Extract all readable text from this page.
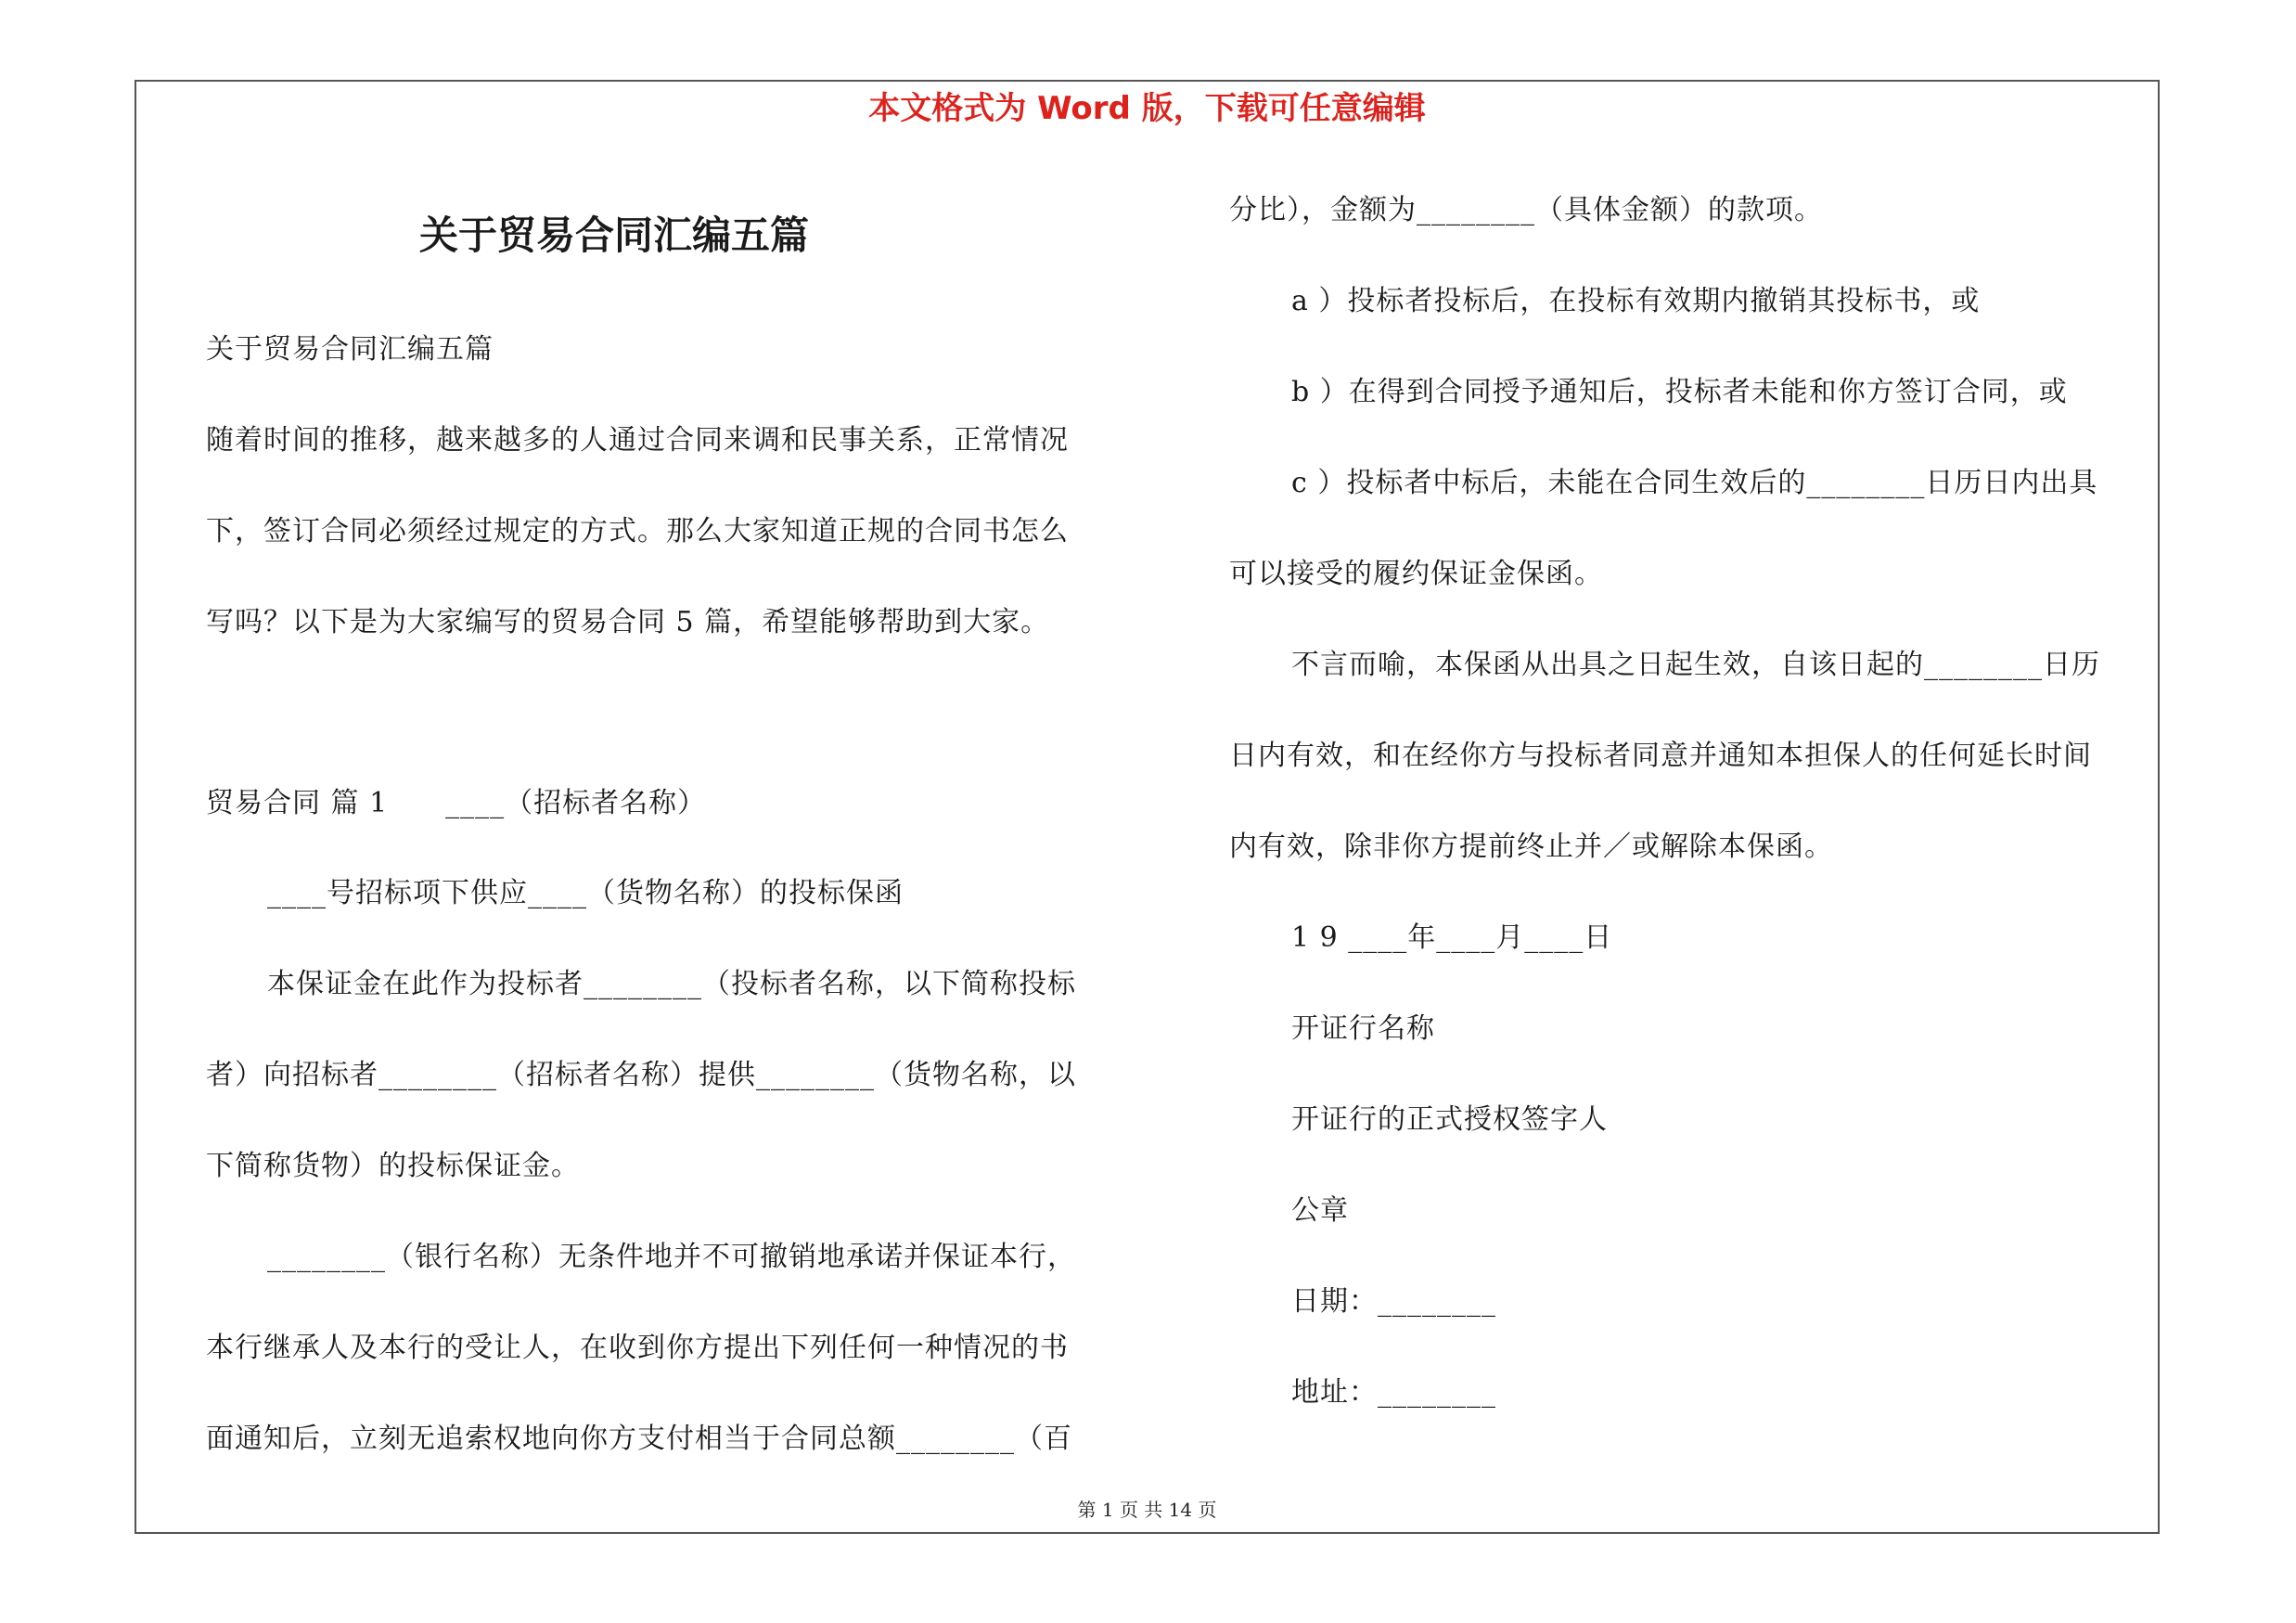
本文格式为 Word 版，下载可任意编辑

关于贸易合同汇编五篇

关于贸易合同汇编五篇

随着时间的推移，越来越多的人通过合同来调和民事关系，正常情况

下，签订合同必须经过规定的方式。那么大家知道正规的合同书怎么

写吗？以下是为大家编写的贸易合同 5 篇，希望能够帮助到大家。

贸易合同 篇 1　　____（招标者名称）

____号招标项下供应____（货物名称）的投标保函

本保证金在此作为投标者________（投标者名称，以下简称投标

者）向招标者________（招标者名称）提供________（货物名称，以

下简称货物）的投标保证金。

________（银行名称）无条件地并不可撤销地承诺并保证本行，

本行继承人及本行的受让人，在收到你方提出下列任何一种情况的书

面通知后，立刻无追索权地向你方支付相当于合同总额________（百

分比），金额为________（具体金额）的款项。

a ）投标者投标后，在投标有效期内撤销其投标书，或

b ）在得到合同授予通知后，投标者未能和你方签订合同，或

c ）投标者中标后，未能在合同生效后的________日历日内出具

可以接受的履约保证金保函。

不言而喻，本保函从出具之日起生效，自该日起的________日历

日内有效，和在经你方与投标者同意并通知本担保人的任何延长时间

内有效，除非你方提前终止并／或解除本保函。

1 9 ____年____月____日

开证行名称

开证行的正式授权签字人

公章

日期：________

地址：________

第 1 页 共 14 页
